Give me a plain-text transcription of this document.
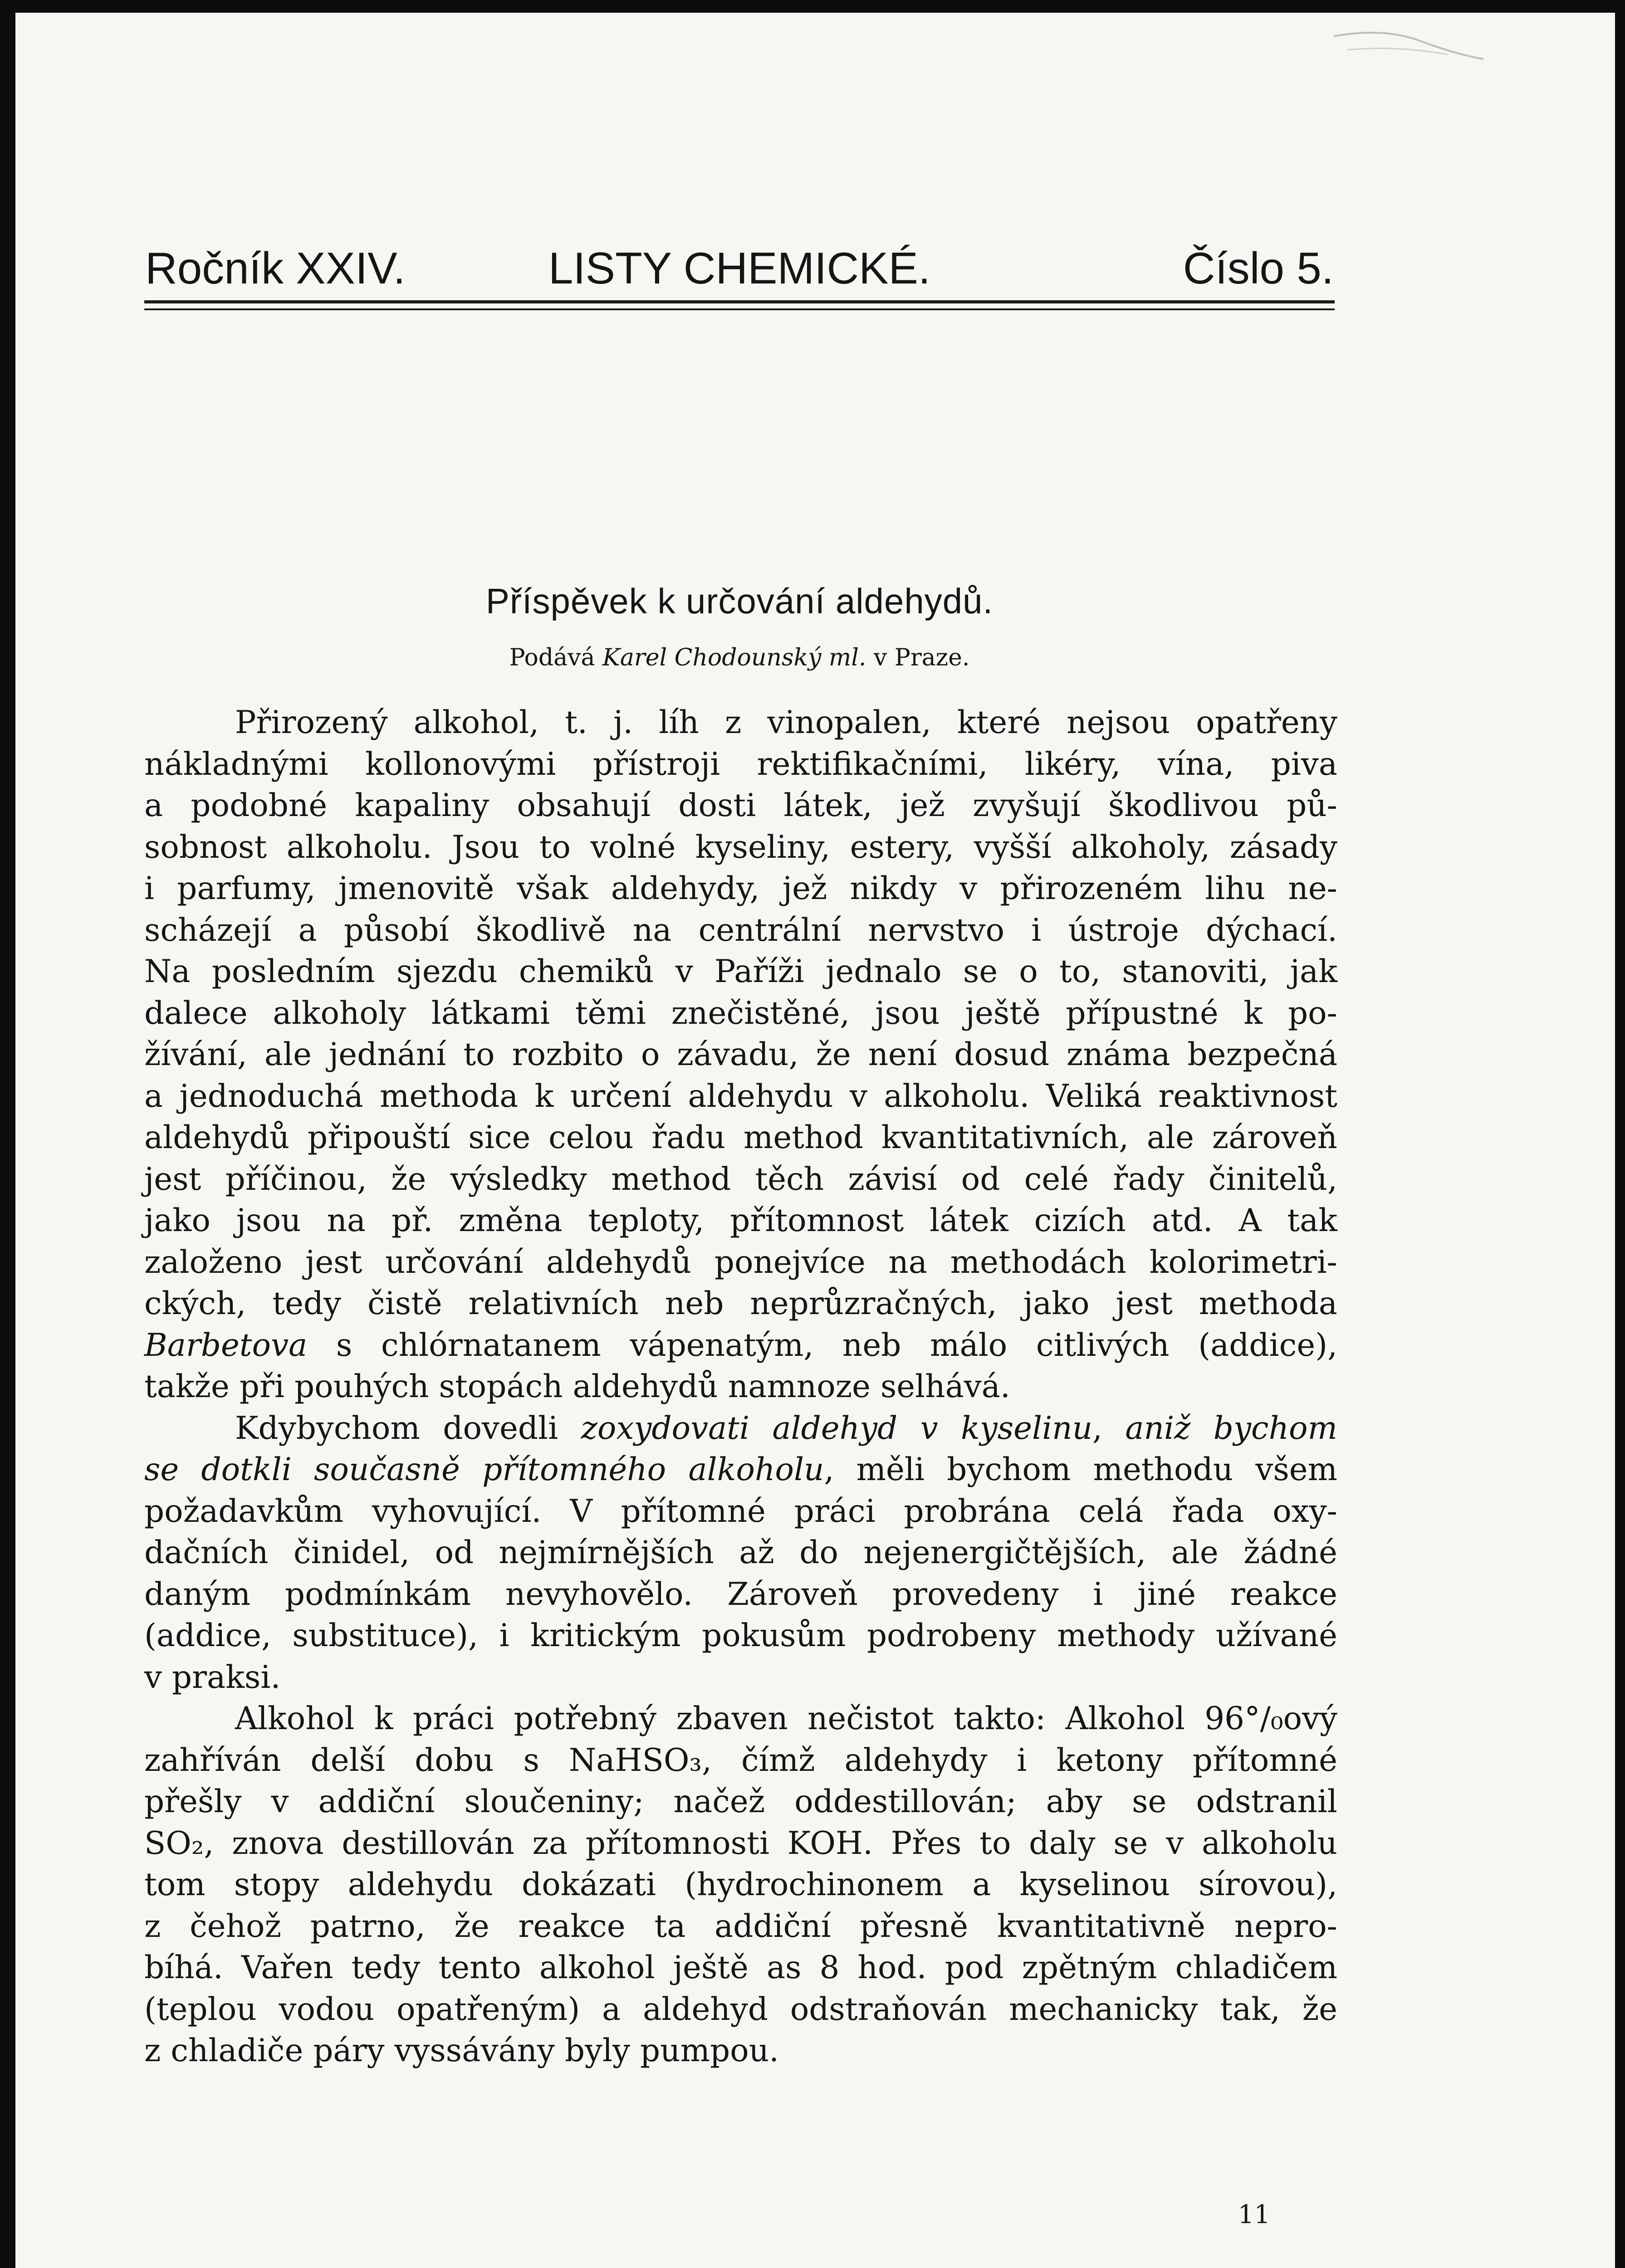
Ročník XXIV.	LISTY CHEMICKÉ.	Číslo 5.
Příspěvek k určování aldehydů.
Podává Karel Chodounský ml. v Praze.
Přirozený alkohol, t. j. líh z vinopalen, které nejsou opatřeny
nákladnými kollonovými přístroji rektifikačními, likéry, vína, piva
a podobné kapaliny obsahují dosti látek, jež zvyšují škodlivou pů-
sobnost alkoholu. Jsou to volné kyseliny, estery, vyšší alkoholy, zásady
i parfumy, jmenovitě však aldehydy, jež nikdy v přirozeném lihu ne-
scházejí a působí škodlivě na centrální nervstvo i ústroje dýchací.
Na posledním sjezdu chemiků v Paříži jednalo se o to, stanoviti, jak
dalece alkoholy látkami těmi znečistěné, jsou ještě přípustné k po-
žívání, ale jednání to rozbito o závadu, že není dosud známa bezpečná
a jednoduchá methoda k určení aldehydu v alkoholu. Veliká reaktivnost
aldehydů připouští sice celou řadu method kvantitativních, ale zároveň
jest příčinou, že výsledky method těch závisí od celé řady činitelů,
jako jsou na př. změna teploty, přítomnost látek cizích atd. A tak
založeno jest určování aldehydů ponejvíce na methodách kolorimetri-
ckých, tedy čistě relativních neb neprůzračných, jako jest methoda
Barbetova s chlórnatanem vápenatým, neb málo citlivých (addice),
takže při pouhých stopách aldehydů namnoze selhává.
Kdybychom dovedli zoxydovati aldehyd v kyselinu, aniž bychom
se dotkli současně přítomného alkoholu, měli bychom methodu všem
požadavkům vyhovující. V přítomné práci probrána celá řada oxy-
dačních činidel, od nejmírnějších až do nejenergičtějších, ale žádné
daným podmínkám nevyhovělo. Zároveň provedeny i jiné reakce
(addice, substituce), i kritickým pokusům podrobeny methody užívané
v praksi.
Alkohol k práci potřebný zbaven nečistot takto: Alkohol 96°/₀ový
zahříván delší dobu s NaHSO₃, čímž aldehydy i ketony přítomné
přešly v addiční sloučeniny; načež oddestillován; aby se odstranil
SO₂, znova destillován za přítomnosti KOH. Přes to daly se v alkoholu
tom stopy aldehydu dokázati (hydrochinonem a kyselinou sírovou),
z čehož patrno, že reakce ta addiční přesně kvantitativně nepro-
bíhá. Vařen tedy tento alkohol ještě as 8 hod. pod zpětným chladičem
(teplou vodou opatřeným) a aldehyd odstraňován mechanicky tak, že
z chladiče páry vyssávány byly pumpou.
11
